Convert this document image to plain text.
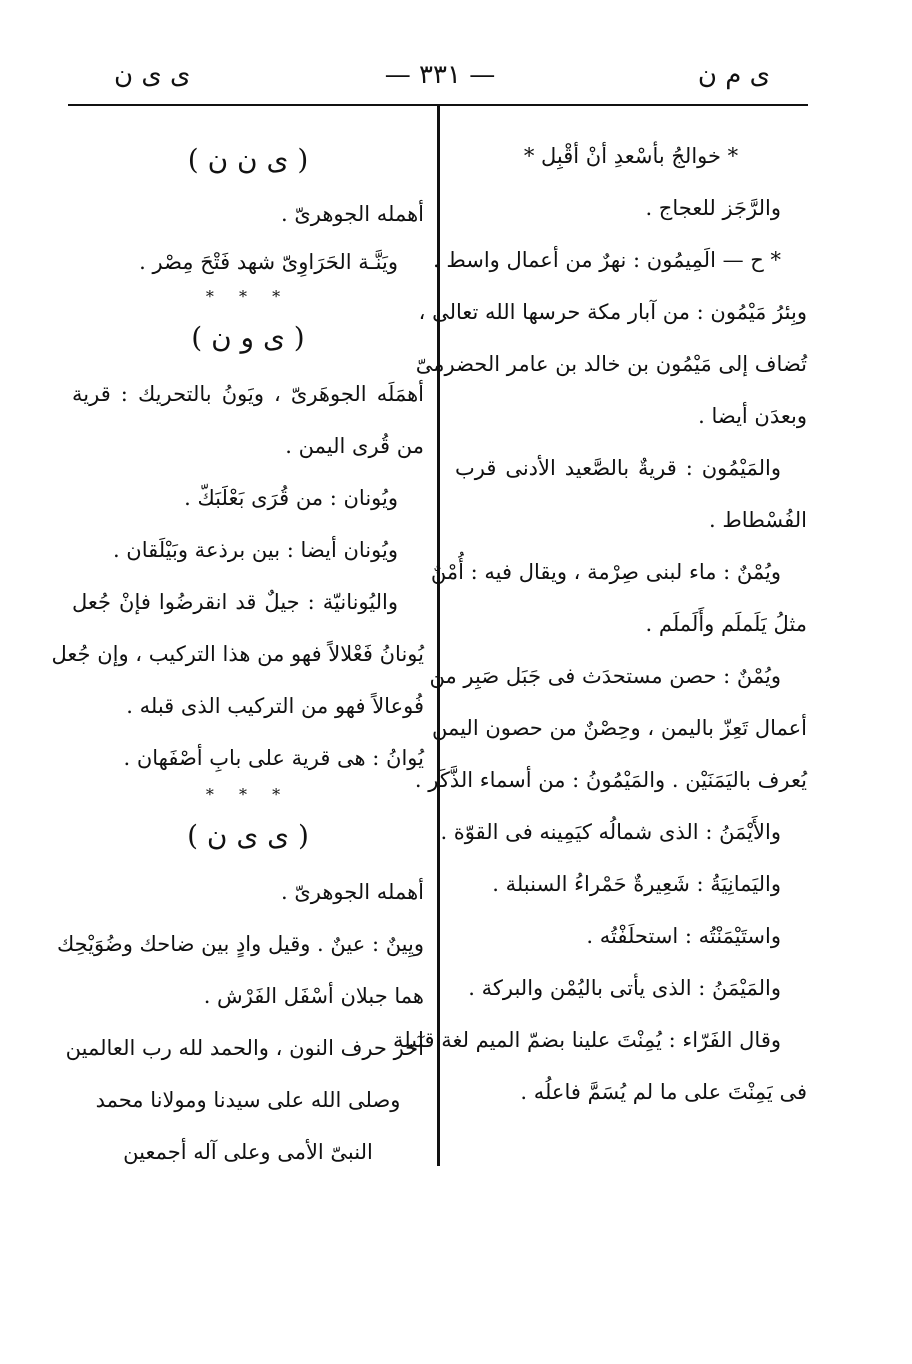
ى م ن
— ٣٣١ —
ى ى ن
* خوالجُ بأسْعدِ أنْ أقْبِل *
والرَّجَز للعجاج .
* ح — الَمِيمُون : نهرٌ من أعمال واسط .
وبِئرُ مَيْمُون : من آبار مكة حرسها الله تعالى ،
تُضاف إلى مَيْمُون بن خالد بن عامر الحضرمىّ
وبعدَن أيضا .
والمَيْمُون : قريةٌ بالصَّعيد الأدنى قرب
الفُسْطاط .
ويُمْنٌ : ماء لبنى صِرْمة ، ويقال فيه : أُمْنٌ
مثلُ يَلَملَم وأَلَملَم .
ويُمْنٌ : حصن مستحدَث فى جَبَل صَبِر من
أعمال تَعِزّ باليمن ، وحِصْنٌ من حصون اليمن
يُعرف باليَمَنَيْن . والمَيْمُونُ : من أسماء الذَّكَر .
والأَيْمَنُ : الذى شمالُه كيَمِينه فى القوّة .
واليَمانِيَةُ : شَعِيرةٌ حَمْراءُ السنبلة .
واستَيْمَنْتُه : استحلَفْتُه .
والمَيْمَنُ : الذى يأتى باليُمْن والبركة .
وقال الفَرّاء : يُمِنْتَ علينا بضمّ الميم لغة قليلة
فى يَمِنْتَ على ما لم يُسَمَّ فاعلُه .
( ى ن ن )
أهمله الجوهرىّ .
ويَنَّـة الحَرَاوِىّ شهد فَتْحَ مِصْر .
* * *
( ى و ن )
أهمَلَه الجوهَرىّ ، ويَونُ بالتحريك : قرية
من قُرى اليمن .
ويُونان : من قُرَى بَعْلَبَكّ .
ويُونان أيضا : بين برذعة وبَيْلَقان .
واليُونانيّة : جيلٌ قد انقرضُوا فإنْ جُعل
يُونانُ فَعْلالاً فهو من هذا التركيب ، وإن جُعل
فُوعالاً فهو من التركيب الذى قبله .
يُوانُ : هى قرية على بابِ أصْفَهان .
* * *
( ى ى ن )
أهمله الجوهرىّ .
ويِينٌ : عينٌ . وقيل وادٍ بين ضاحك وضُوَيْحِك
هما جبلان أسْفَل الفَرْش .
آخر حرف النون ، والحمد لله رب العالمين
وصلى الله على سيدنا ومولانا محمد
النبىّ الأمى وعلى آله أجمعين
